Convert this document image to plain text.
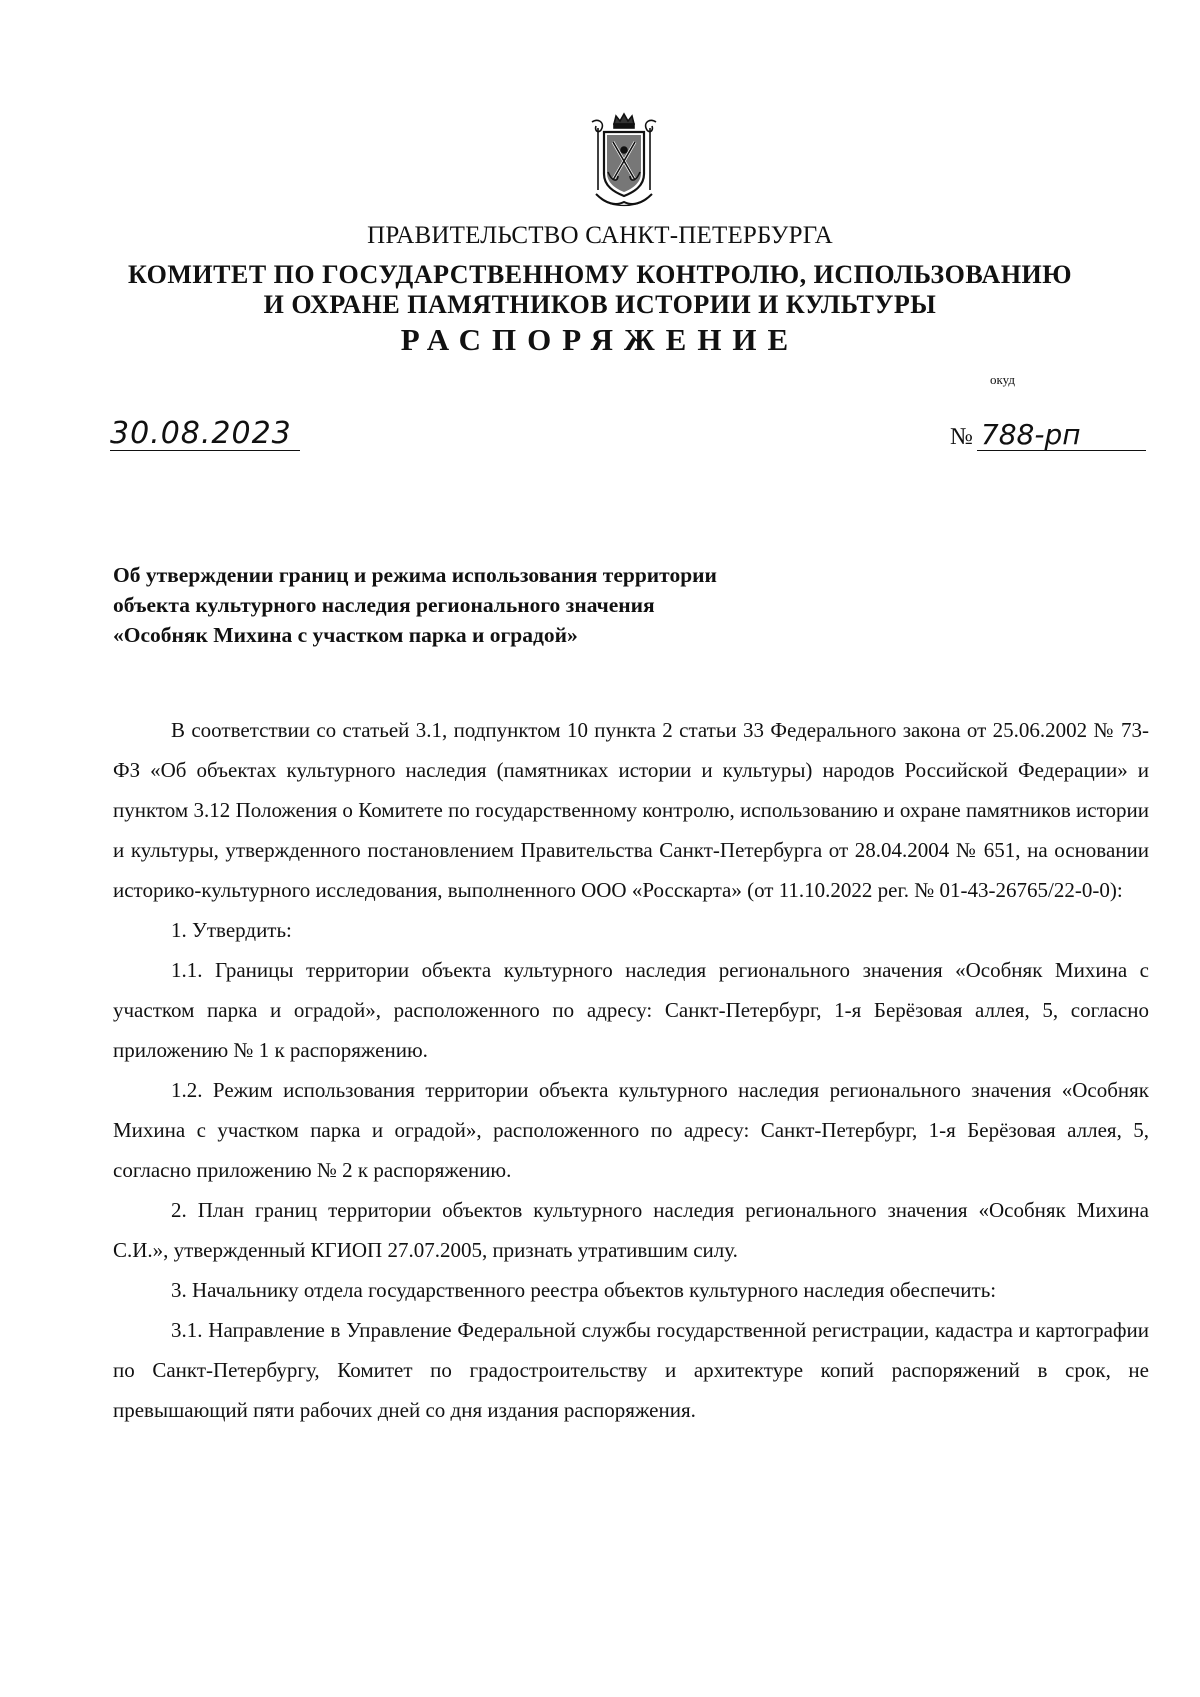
ПРАВИТЕЛЬСТВО САНКТ-ПЕТЕРБУРГА
КОМИТЕТ ПО ГОСУДАРСТВЕННОМУ КОНТРОЛЮ, ИСПОЛЬЗОВАНИЮ
И ОХРАНЕ ПАМЯТНИКОВ ИСТОРИИ И КУЛЬТУРЫ
РАСПОРЯЖЕНИЕ
окуд
30.08.2023	№ 788-рп
Об утверждении границ и режима использования территории
объекта культурного наследия регионального значения
«Особняк Михина с участком парка и оградой»

В соответствии со статьей 3.1, подпунктом 10 пункта 2 статьи 33 Федерального закона от 25.06.2002 № 73-ФЗ «Об объектах культурного наследия (памятниках истории и культуры) народов Российской Федерации» и пунктом 3.12 Положения о Комитете по государственному контролю, использованию и охране памятников истории и культуры, утвержденного постановлением Правительства Санкт-Петербурга от 28.04.2004 № 651, на основании историко-культурного исследования, выполненного ООО «Росскарта» (от 11.10.2022 рег. № 01-43-26765/22-0-0):

1. Утвердить:

1.1. Границы территории объекта культурного наследия регионального значения «Особняк Михина с участком парка и оградой», расположенного по адресу: Санкт-Петербург, 1-я Берёзовая аллея, 5, согласно приложению № 1 к распоряжению.

1.2. Режим использования территории объекта культурного наследия регионального значения «Особняк Михина с участком парка и оградой», расположенного по адресу: Санкт-Петербург, 1-я Берёзовая аллея, 5, согласно приложению № 2 к распоряжению.

2. План границ территории объектов культурного наследия регионального значения «Особняк Михина С.И.», утвержденный КГИОП 27.07.2005, признать утратившим силу.

3. Начальнику отдела государственного реестра объектов культурного наследия обеспечить:

3.1. Направление в Управление Федеральной службы государственной регистрации, кадастра и картографии по Санкт-Петербургу, Комитет по градостроительству и архитектуре копий распоряжений в срок, не превышающий пяти рабочих дней со дня издания распоряжения.
